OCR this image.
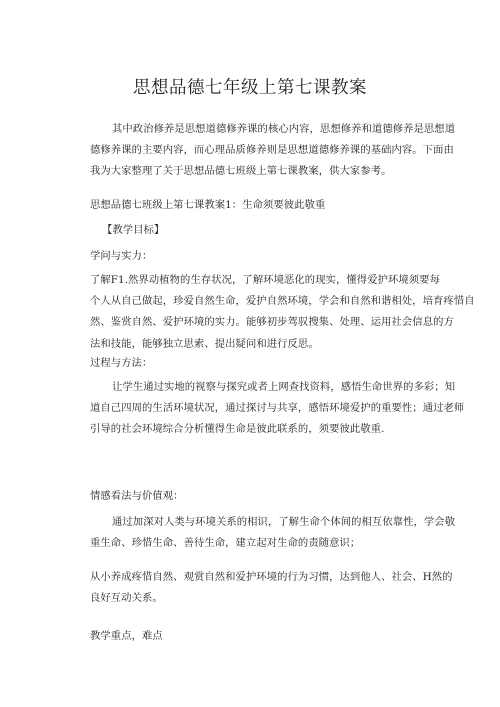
思想品德七年级上第七课教案
其中政治修养是思想道德修养课的核心内容，思想修养和道德修养是思想道
德修养课的主要内容，而心理品质修养则是思想道德修养课的基础内容。下面由
我为大家整理了关于思想品德七班级上第七课教案，供大家参考。
思想品德七班级上第七课教案1：生命须要彼此敬重
【教学目标】
学问与实力：
了解F1.然界动植物的生存状况，了解环境恶化的现实，懂得爱护环境须要每
个人从自己做起，珍爱自然生命，爱护自然环境，学会和自然和谐相处，培育疼惜自
然、鉴赏自然、爱护环境的实力。能够初步驾驭搜集、处理、运用社会信息的方
法和技能，能够独立思索、提出疑问和进行反思。
过程与方法：
让学生通过实地的视察与探究或者上网查找资料，感悟生命世界的多彩；知
道自己四周的生活环境状况，通过探讨与共享，感悟环境爱护的重要性；通过老师
引导的社会环境综合分析懂得生命是彼此联系的，须要彼此敬重.
情感看法与价值观：
通过加深对人类与环境关系的相识，了解生命个体间的相互依靠性，学会敬
重生命、珍惜生命、善待生命，建立起对生命的责随意识；
从小养成疼惜自然、观赏自然和爱护环境的行为习惯，达到他人、社会、H然的
良好互动关系。
教学重点，难点
